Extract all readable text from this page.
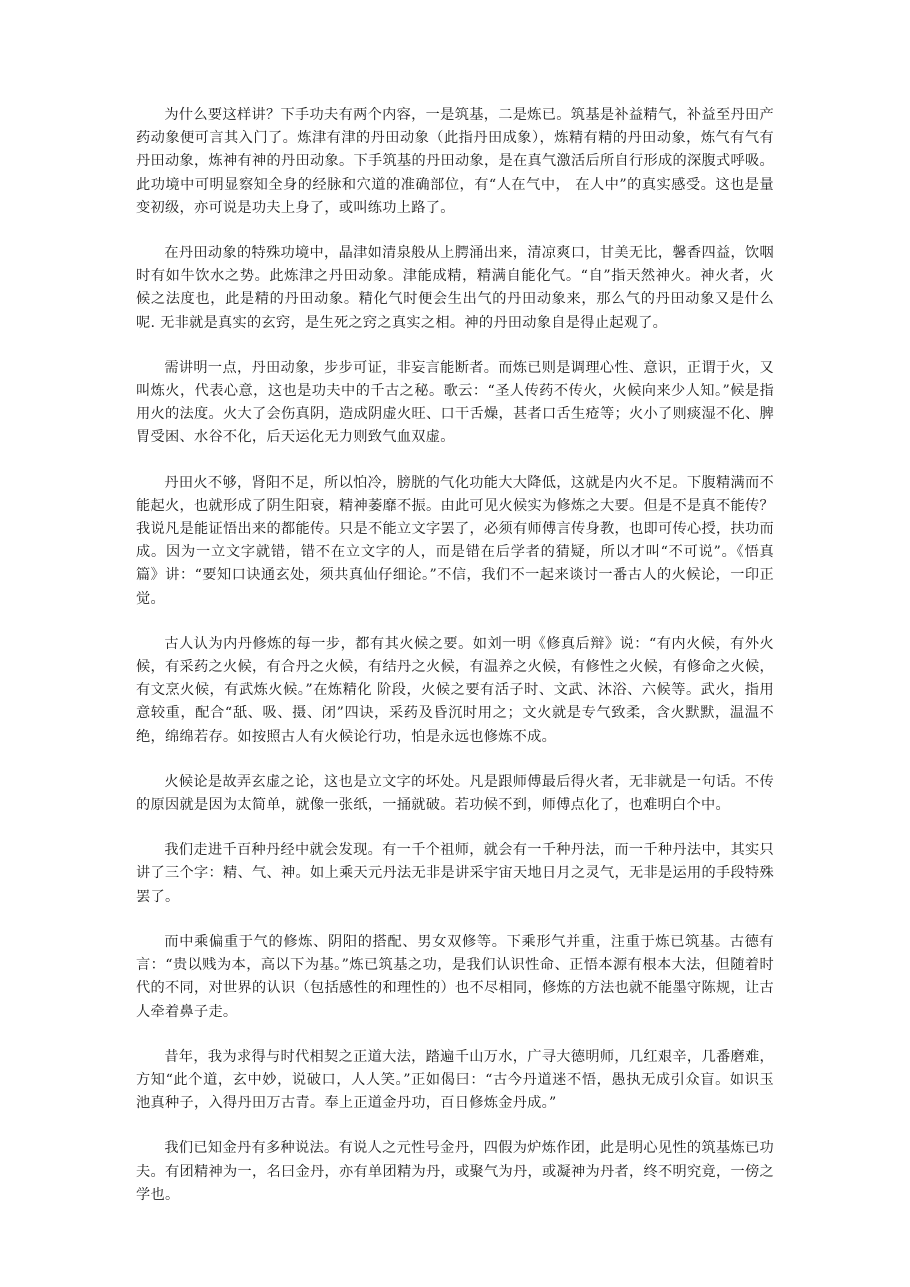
为什么要这样讲？下手功夫有两个内容，一是筑基，二是炼已。筑基是补益精气，补益至丹田产药动象便可言其入门了。炼津有津的丹田动象（此指丹田成象），炼精有精的丹田动象，炼气有气有丹田动象，炼神有神的丹田动象。下手筑基的丹田动象，是在真气激活后所自行形成的深腹式呼吸。此功境中可明显察知全身的经脉和穴道的准确部位，有“人在气中， 在人中”的真实感受。这也是量变初级，亦可说是功夫上身了，或叫练功上路了。

在丹田动象的特殊功境中，晶津如清泉般从上腭涌出来，清凉爽口，甘美无比，馨香四益，饮咽时有如牛饮水之势。此炼津之丹田动象。津能成精，精满自能化气。“自”指天然神火。神火者，火候之法度也，此是精的丹田动象。精化气时便会生出气的丹田动象来，那么气的丹田动象又是什么呢. 无非就是真实的玄窍，是生死之窍之真实之相。神的丹田动象自是得止起观了。

需讲明一点，丹田动象，步步可证，非妄言能断者。而炼已则是调理心性、意识，正谓于火，又叫炼火，代表心意，这也是功夫中的千古之秘。歌云：“圣人传药不传火，火候向来少人知。”候是指用火的法度。火大了会伤真阴，造成阴虚火旺、口干舌燥，甚者口舌生疮等；火小了则痰湿不化、脾胃受困、水谷不化，后天运化无力则致气血双虚。

丹田火不够，肾阳不足，所以怕冷，膀胱的气化功能大大降低，这就是内火不足。下腹精满而不能起火，也就形成了阴生阳衰，精神萎靡不振。由此可见火候实为修炼之大要。但是不是真不能传？我说凡是能证悟出来的都能传。只是不能立文字罢了，必须有师傅言传身教，也即可传心授，扶功而成。因为一立文字就错，错不在立文字的人，而是错在后学者的猜疑，所以才叫“不可说”。《悟真篇》讲：“要知口诀通玄处，须共真仙仔细论。”不信，我们不一起来谈讨一番古人的火候论，一印正觉。

古人认为内丹修炼的每一步，都有其火候之要。如刘一明《修真后辩》说：“有内火候，有外火候，有采药之火候，有合丹之火候，有结丹之火候，有温养之火候，有修性之火候，有修命之火候，有文烹火候，有武炼火候。”在炼精化 阶段，火候之要有活子时、文武、沐浴、六候等。武火，指用意较重，配合“舐、吸、摄、闭”四诀，采药及昏沉时用之；文火就是专气致柔，含火默默，温温不绝，绵绵若存。如按照古人有火候论行功，怕是永远也修炼不成。

火候论是故弄玄虚之论，这也是立文字的坏处。凡是跟师傅最后得火者，无非就是一句话。不传的原因就是因为太简单，就像一张纸，一捅就破。若功候不到，师傅点化了，也难明白个中。

我们走进千百种丹经中就会发现。有一千个祖师，就会有一千种丹法，而一千种丹法中，其实只讲了三个字：精、气、神。如上乘天元丹法无非是讲采宇宙天地日月之灵气，无非是运用的手段特殊罢了。

而中乘偏重于气的修炼、阴阳的搭配、男女双修等。下乘形气并重，注重于炼已筑基。古德有言：“贵以贱为本，高以下为基。”炼已筑基之功，是我们认识性命、正悟本源有根本大法，但随着时代的不同，对世界的认识（包括感性的和理性的）也不尽相同，修炼的方法也就不能墨守陈规，让古人牵着鼻子走。

昔年，我为求得与时代相契之正道大法，踏遍千山万水，广寻大德明师，几红艰辛，几番磨难，方知“此个道，玄中妙，说破口，人人笑。”正如偈曰：“古今丹道迷不悟，愚执无成引众盲。如识玉池真种子，入得丹田万古青。奉上正道金丹功，百日修炼金丹成。”

我们已知金丹有多种说法。有说人之元性号金丹，四假为炉炼作团，此是明心见性的筑基炼已功夫。有团精神为一，名曰金丹，亦有单团精为丹，或聚气为丹，或凝神为丹者，终不明究竟，一傍之学也。
